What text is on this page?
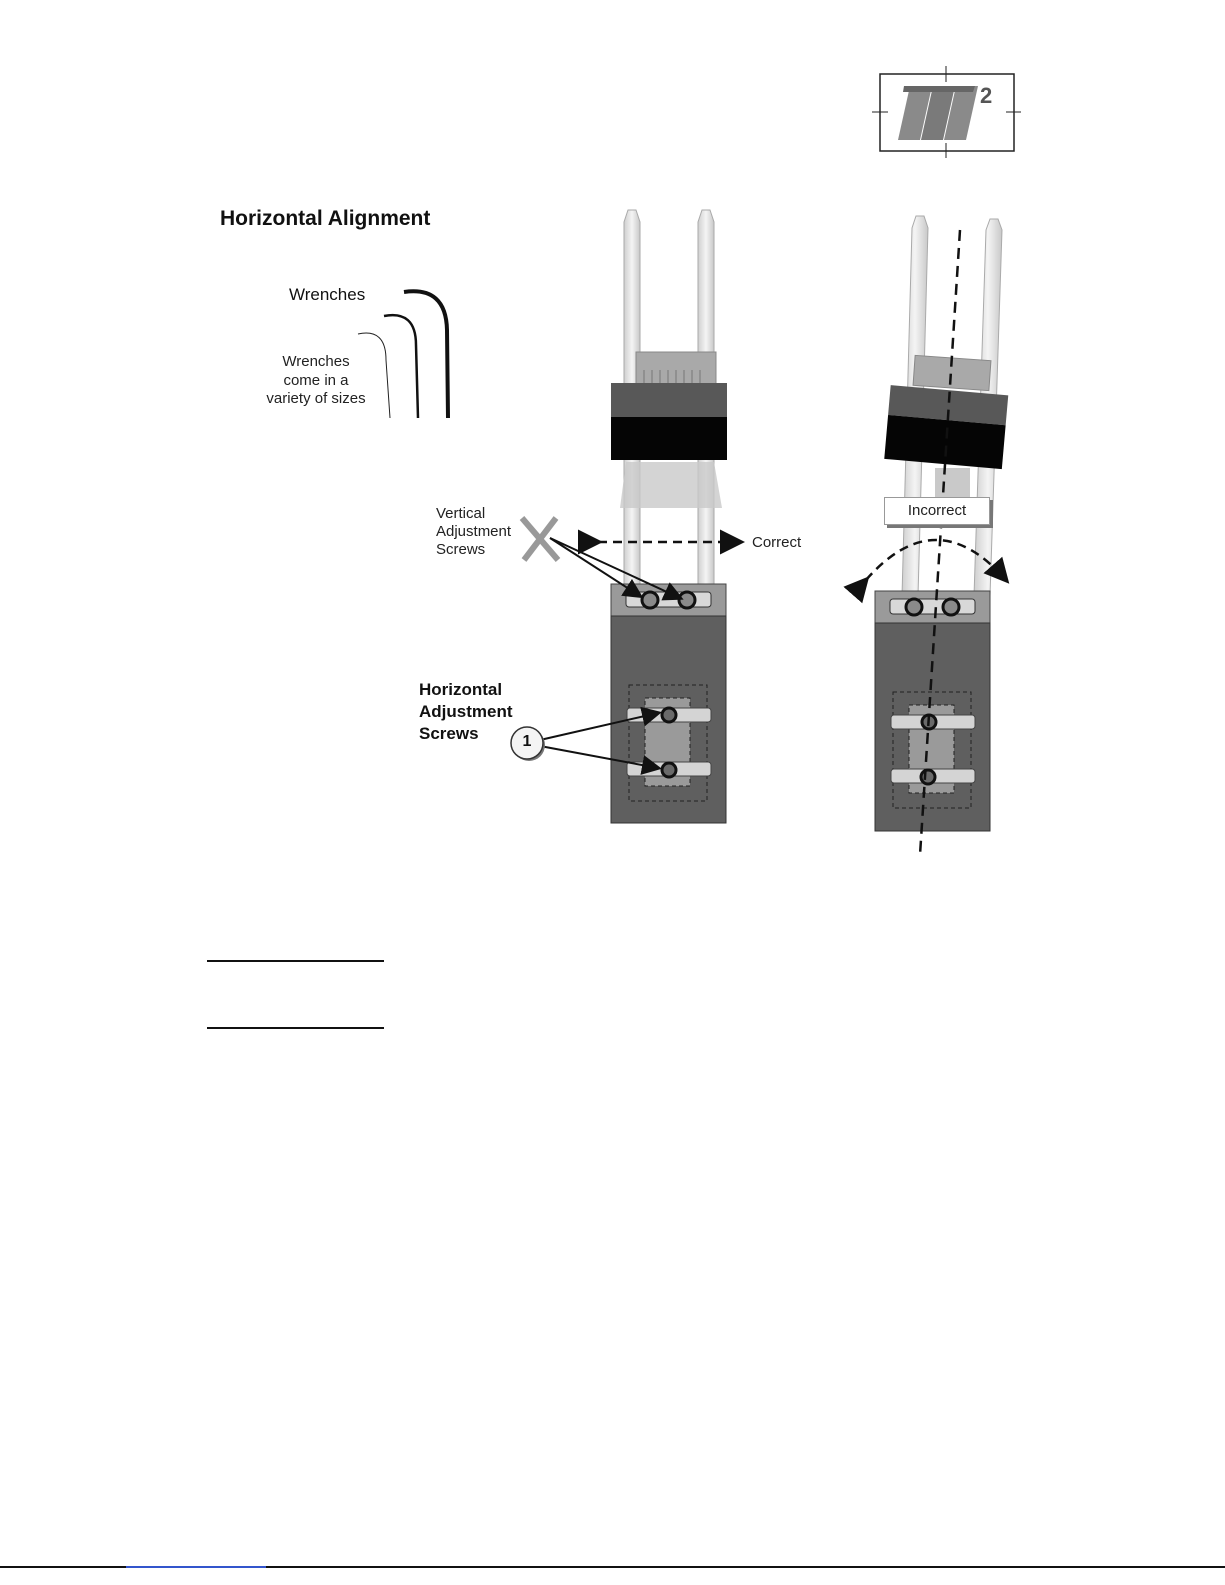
2
Horizontal Alignment
Wrenches
Wrenches
come in a
variety of sizes
Vertical
Adjustment
Screws	Correct
Incorrect
Horizontal
Adjustment
Screws	1
